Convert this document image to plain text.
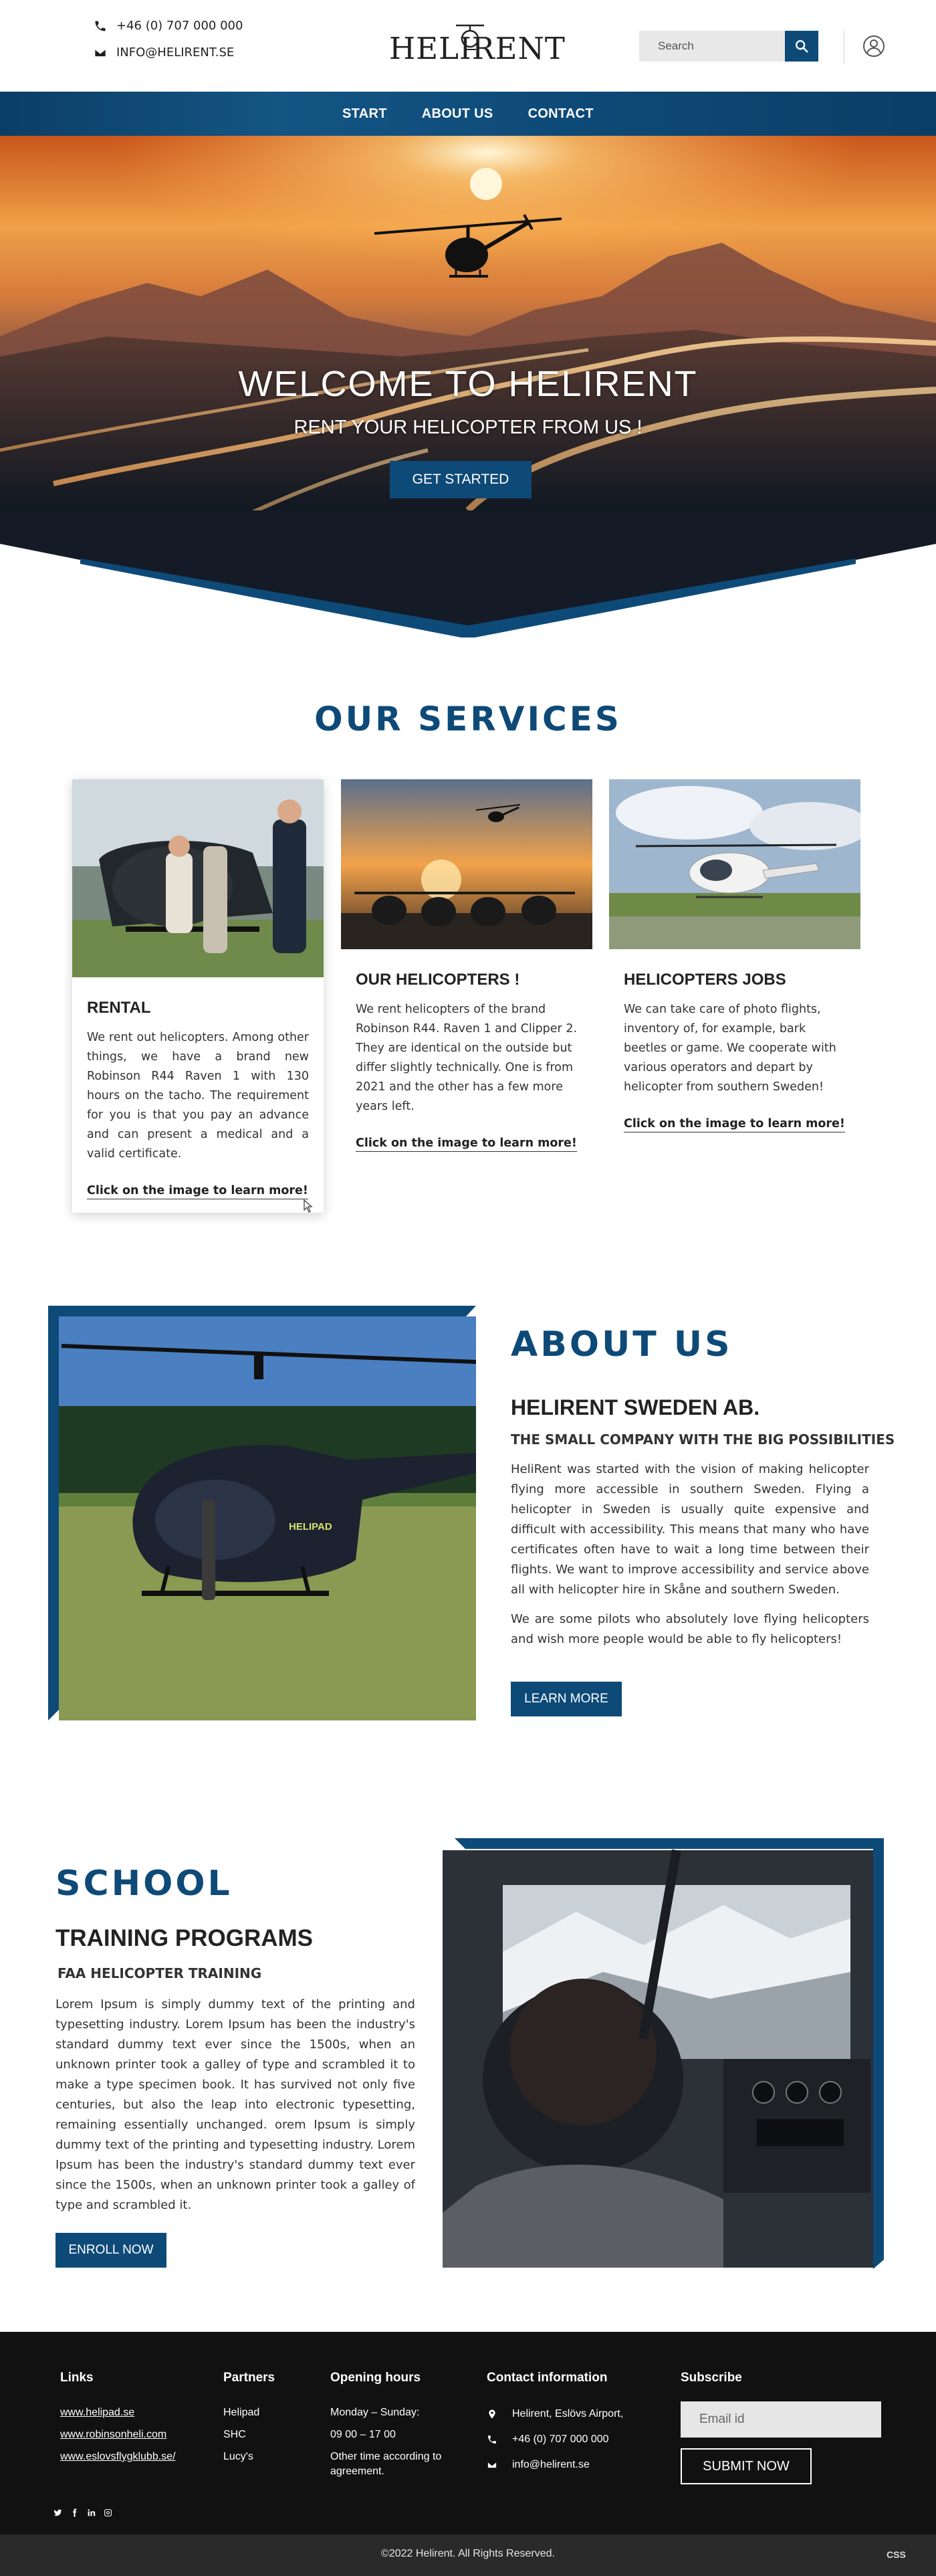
+46 (0) 707 000 000
INFO@HELIRENT.SE	HELIRENT
Search
START	ABOUT US	CONTACT
WELCOME TO HELIRENT
RENT YOUR HELICOPTER FROM US !
GET STARTED
OUR SERVICES
RENTAL

We rent out helicopters. Among other things, we have a brand new Robinson R44 Raven 1 with 130 hours on the tacho. The requirement for you is that you pay an advance and can present a medical and a valid certificate.

Click on the image to learn more!
OUR HELICOPTERS !

We rent helicopters of the brand Robinson R44. Raven 1 and Clipper 2. They are identical on the outside but differ slightly technically. One is from 2021 and the other has a few more years left.

Click on the image to learn more!
HELICOPTERS JOBS

We can take care of photo flights, inventory of, for example, bark beetles or game. We cooperate with various operators and depart by helicopter from southern Sweden!

Click on the image to learn more!
HELIPAD
ABOUT US
HELIRENT SWEDEN AB.
THE SMALL COMPANY WITH THE BIG POSSIBILITIES

HeliRent was started with the vision of making helicopter flying more accessible in southern Sweden. Flying a helicopter in Sweden is usually quite expensive and difficult with accessibility. This means that many who have certificates often have to wait a long time between their flights. We want to improve accessibility and service above all with helicopter hire in Skåne and southern Sweden.

We are some pilots who absolutely love flying helicopters and wish more people would be able to fly helicopters!

LEARN MORE
SCHOOL
TRAINING PROGRAMS
FAA HELICOPTER TRAINING

Lorem Ipsum is simply dummy text of the printing and typesetting industry. Lorem Ipsum has been the industry's standard dummy text ever since the 1500s, when an unknown printer took a galley of type and scrambled it to make a type specimen book. It has survived not only five centuries, but also the leap into electronic typesetting, remaining essentially unchanged. orem Ipsum is simply dummy text of the printing and typesetting industry. Lorem Ipsum has been the industry's standard dummy text ever since the 1500s, when an unknown printer took a galley of type and scrambled it.

ENROLL NOW
Links
www.helipad.se
www.robinsonheli.com
www.eslovsflygklubb.se/
Partners
Helipad
SHC
Lucy's
Opening hours
Monday – Sunday:
09 00 – 17 00
Other time according to agreement.
Contact information
Helirent, Eslövs Airport,
+46 (0) 707 000 000
info@helirent.se
Subscribe
Email id
SUBMIT NOW
©2022 Helirent. All Rights Reserved.	CSS
